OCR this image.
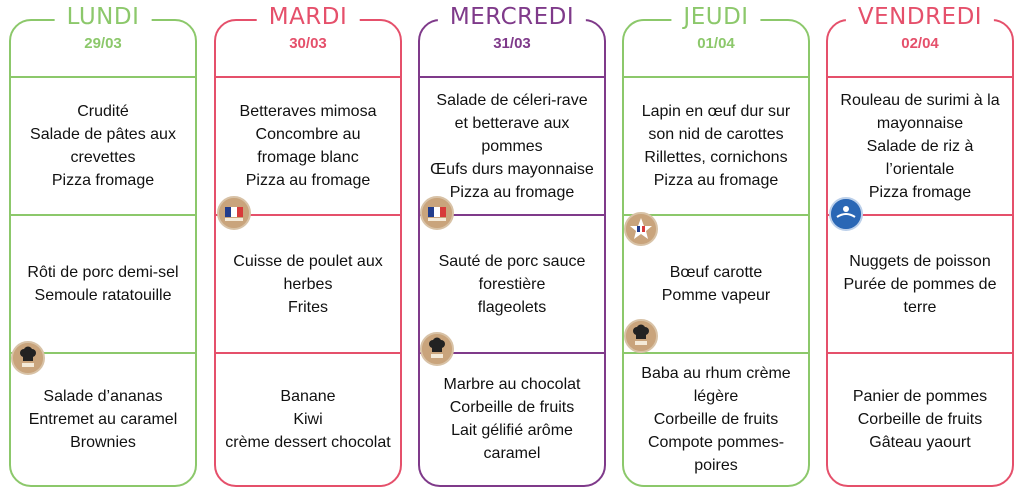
LUNDI
29/03
Crudité
Salade de pâtes aux
crevettes
Pizza fromage
Rôti de porc demi-sel
Semoule ratatouille
Salade d’ananas
Entremet au caramel
Brownies
MARDI
30/03
Betteraves mimosa
Concombre au
fromage blanc
Pizza au fromage
Cuisse de poulet aux
herbes
Frites
Banane
Kiwi
crème dessert chocolat
MERCREDI
31/03
Salade de céleri-rave
et betterave aux
pommes
Œufs durs mayonnaise
Pizza au fromage
Sauté de porc sauce
forestière
flageolets
Marbre au chocolat
Corbeille de fruits
Lait gélifié arôme
caramel
JEUDI
01/04
Lapin en œuf dur sur
son nid de carottes
Rillettes, cornichons
Pizza au fromage
Bœuf carotte
Pomme vapeur
Baba au rhum crème
légère
Corbeille de fruits
Compote pommes-
poires
VENDREDI
02/04
Rouleau de surimi à la
mayonnaise
Salade de riz à
l’orientale
Pizza fromage
Nuggets de poisson
Purée de pommes de
terre
Panier de pommes
Corbeille de fruits
Gâteau yaourt
